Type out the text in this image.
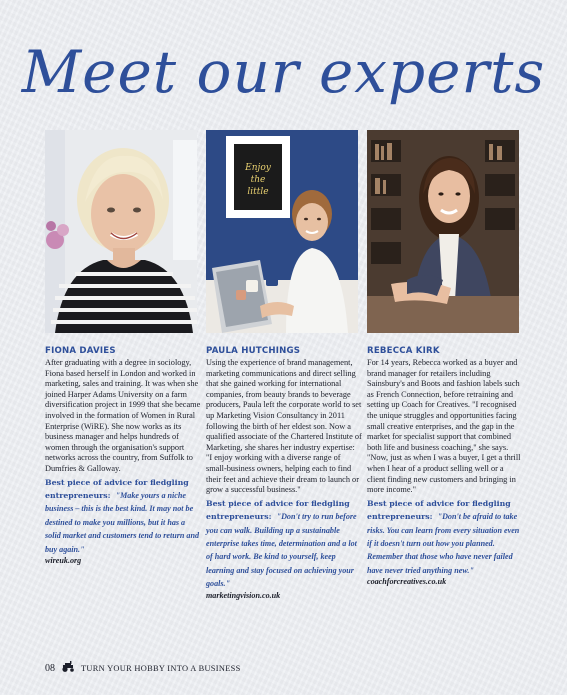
Meet our experts
Enjoy
the
little
FIONA DAVIES

After graduating with a degree in sociology, Fiona based herself in London and worked in marketing, sales and training. It was when she joined Harper Adams University on a farm diversification project in 1999 that she became involved in the formation of Women in Rural Enterprise (WiRE). She now works as its business manager and helps hundreds of women through the organisation's support networks across the country, from Suffolk to Dumfries & Galloway.

Best piece of advice for fledgling entrepreneurs: "Make yours a niche business – this is the best kind. It may not be destined to make you millions, but it has a solid market and customers tend to return and buy again."
wireuk.org
PAULA HUTCHINGS

Using the experience of brand management, marketing communications and direct selling that she gained working for international companies, from beauty brands to beverage producers, Paula left the corporate world to set up Marketing Vision Consultancy in 2011 following the birth of her eldest son. Now a qualified associate of the Chartered Institute of Marketing, she shares her industry expertise: "I enjoy working with a diverse range of small-business owners, helping each to find their feet and achieve their dream to launch or grow a successful business."

Best piece of advice for fledgling entrepreneurs: "Don't try to run before you can walk. Building up a sustainable enterprise takes time, determination and a lot of hard work. Be kind to yourself, keep learning and stay focused on achieving your goals."
marketingvision.co.uk
REBECCA KIRK

For 14 years, Rebecca worked as a buyer and brand manager for retailers including Sainsbury's and Boots and fashion labels such as French Connection, before retraining and setting up Coach for Creatives. "I recognised the unique struggles and opportunities facing small creative enterprises, and the gap in the market for specialist support that combined both life and business coaching," she says. "Now, just as when I was a buyer, I get a thrill when I hear of a product selling well or a client finding new customers and bringing in more income."

Best piece of advice for fledgling entrepreneurs: "Don't be afraid to take risks. You can learn from every situation even if it doesn't turn out how you planned. Remember that those who have never failed have never tried anything new."
coachforcreatives.co.uk
08	TURN YOUR HOBBY INTO A BUSINESS
